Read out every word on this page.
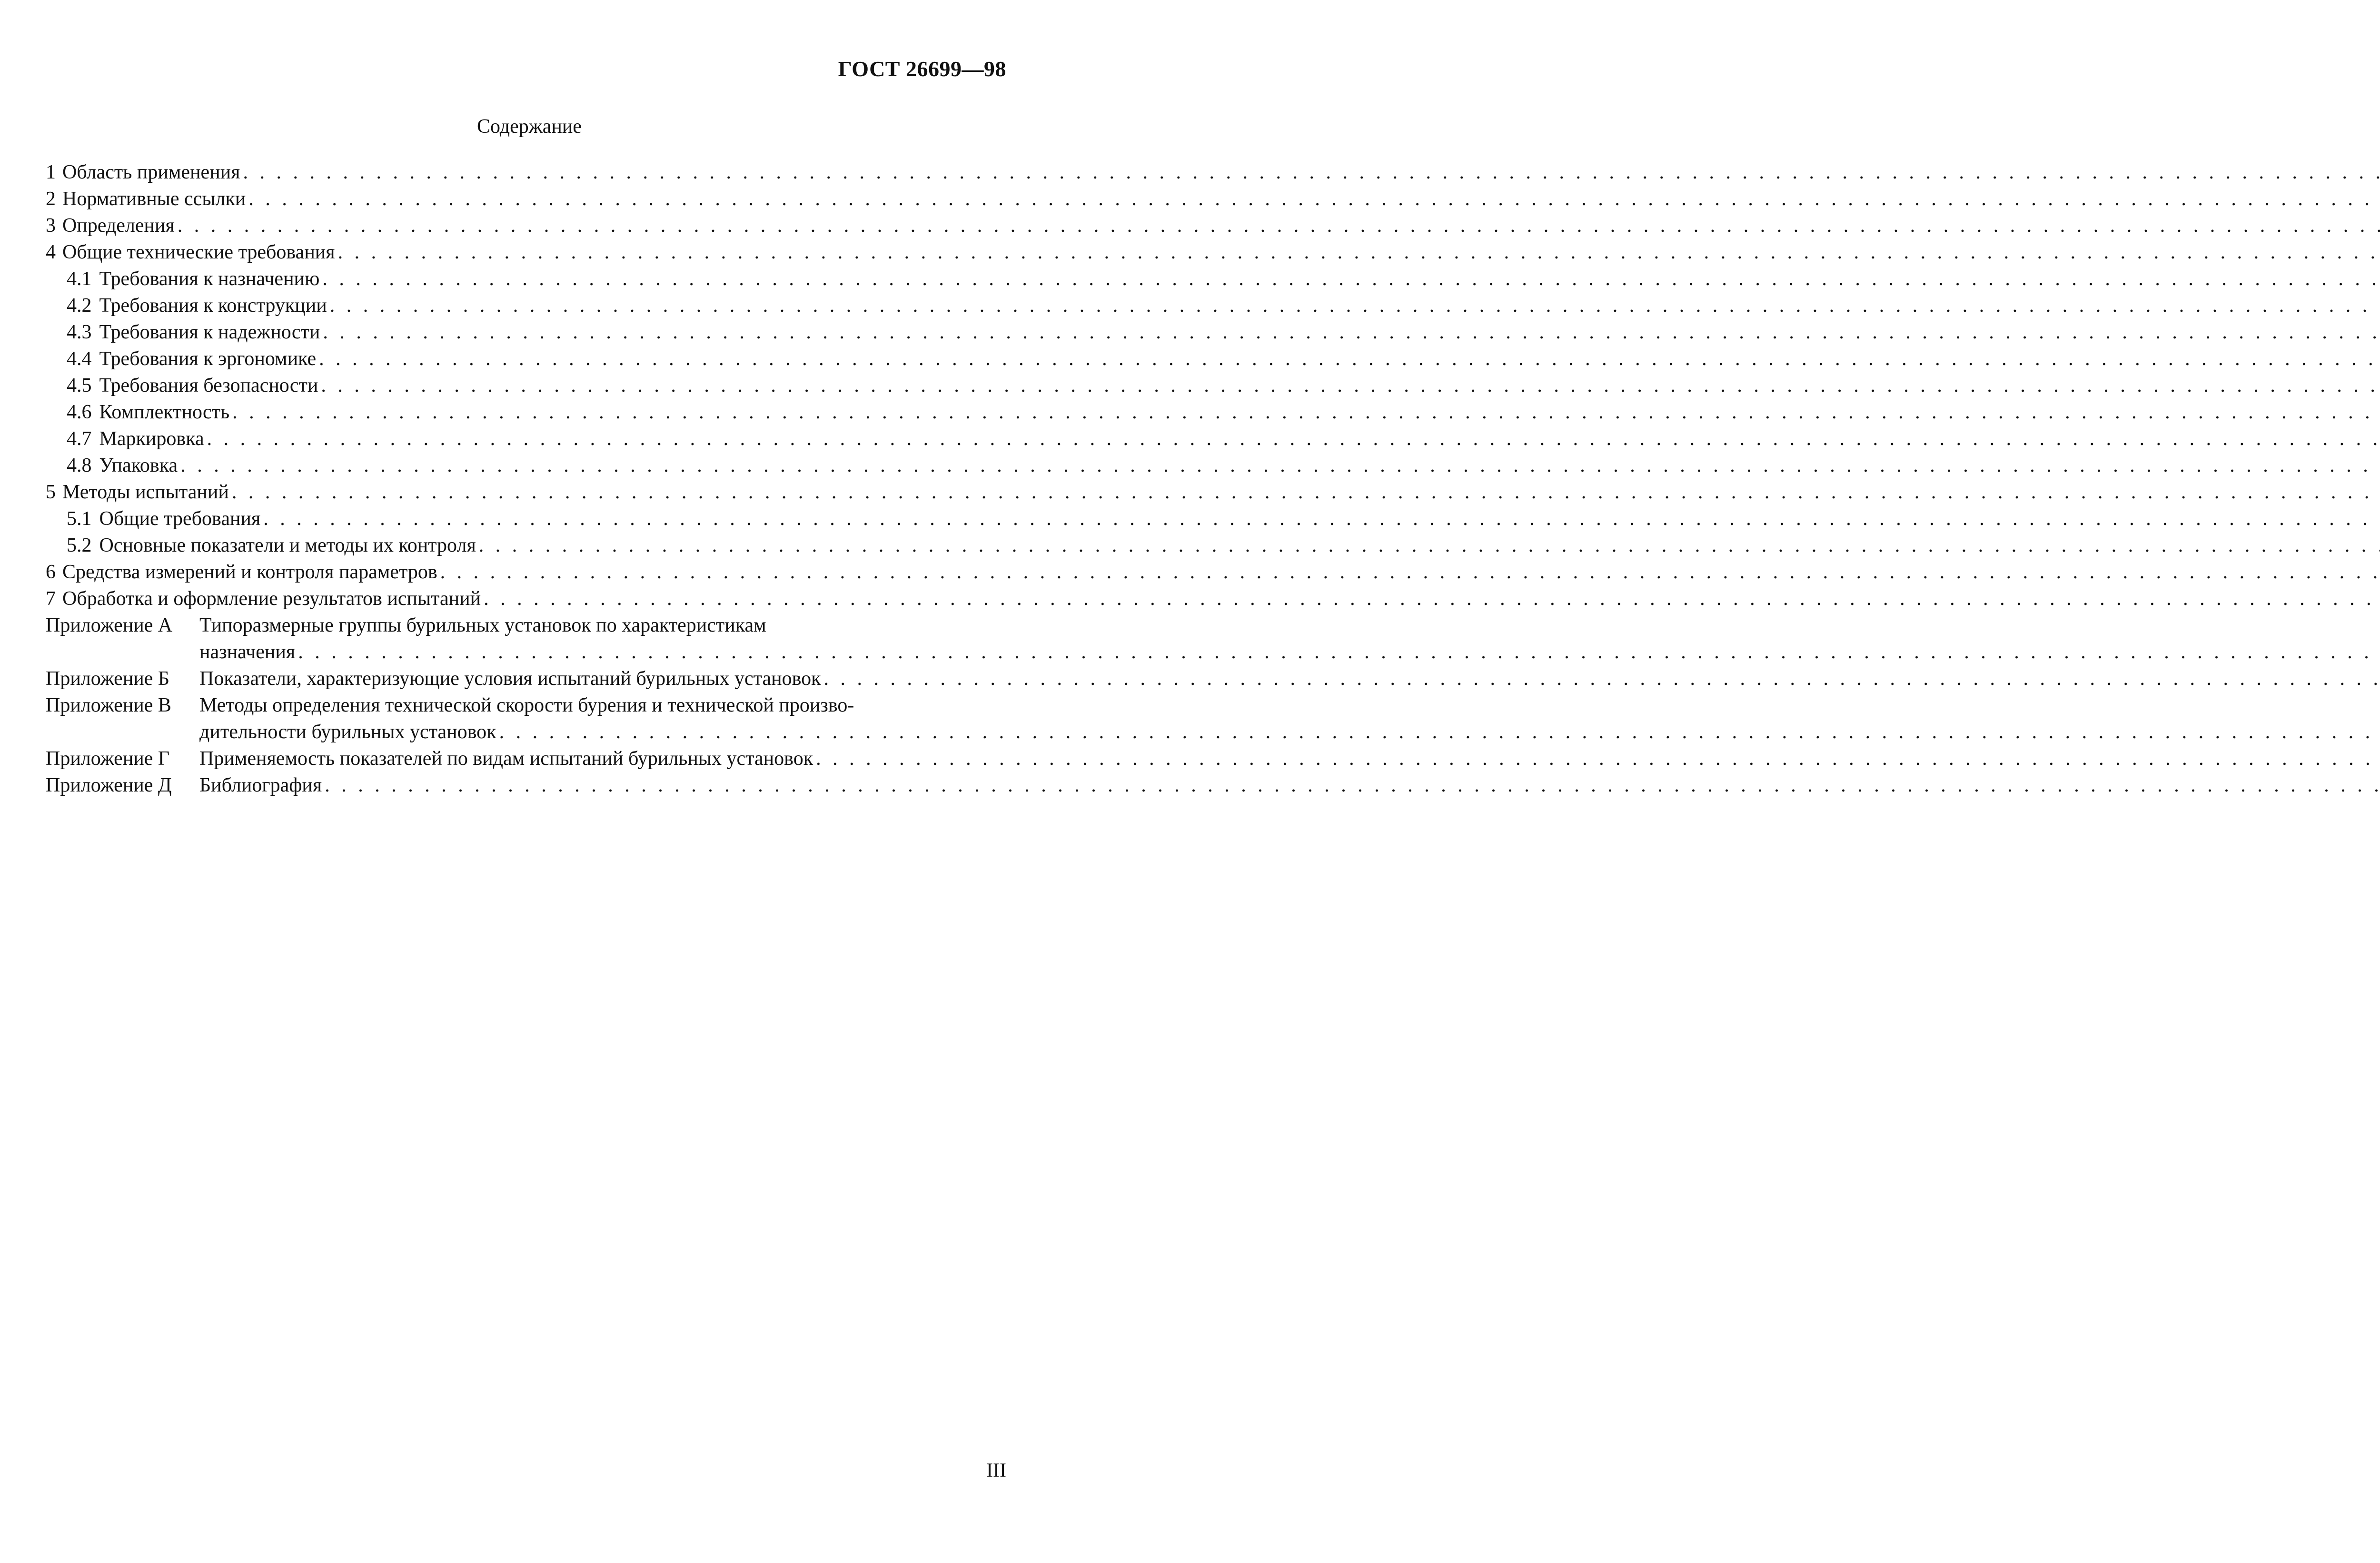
ГОСТ 26699—98
Содержание
1 Область применения
. . .
2 Нормативные ссылки
. . .
3 Определения
. . .
4 Общие технические требования
. . .
4.1 Требования к назначению
. . .
4.2 Требования к конструкции
. . .
4.3 Требования к надежности
. . .
4.4 Требования к эргономике
. . .
4.5 Требования безопасности
. . .
4.6 Комплектность
. . .
4.7 Маркировка
. . .
4.8 Упаковка
. . .
5 Методы испытаний
. . .
5.1 Общие требования
. . .
5.2 Основные показатели и методы их контроля
. . .
6 Средства измерений и контроля параметров
. . .
7 Обработка и оформление результатов испытаний
. . .
Приложение А Типоразмерные группы бурильных установок по характеристикам
назначения
. . .
Приложение Б Показатели, характеризующие условия испытаний бурильных установок
. . .
Приложение В Методы определения технической скорости бурения и технической произво-
дительности бурильных установок
. . .
Приложение Г Применяемость показателей по видам испытаний бурильных установок
. . .
Приложение Д Библиография
. . .
III
